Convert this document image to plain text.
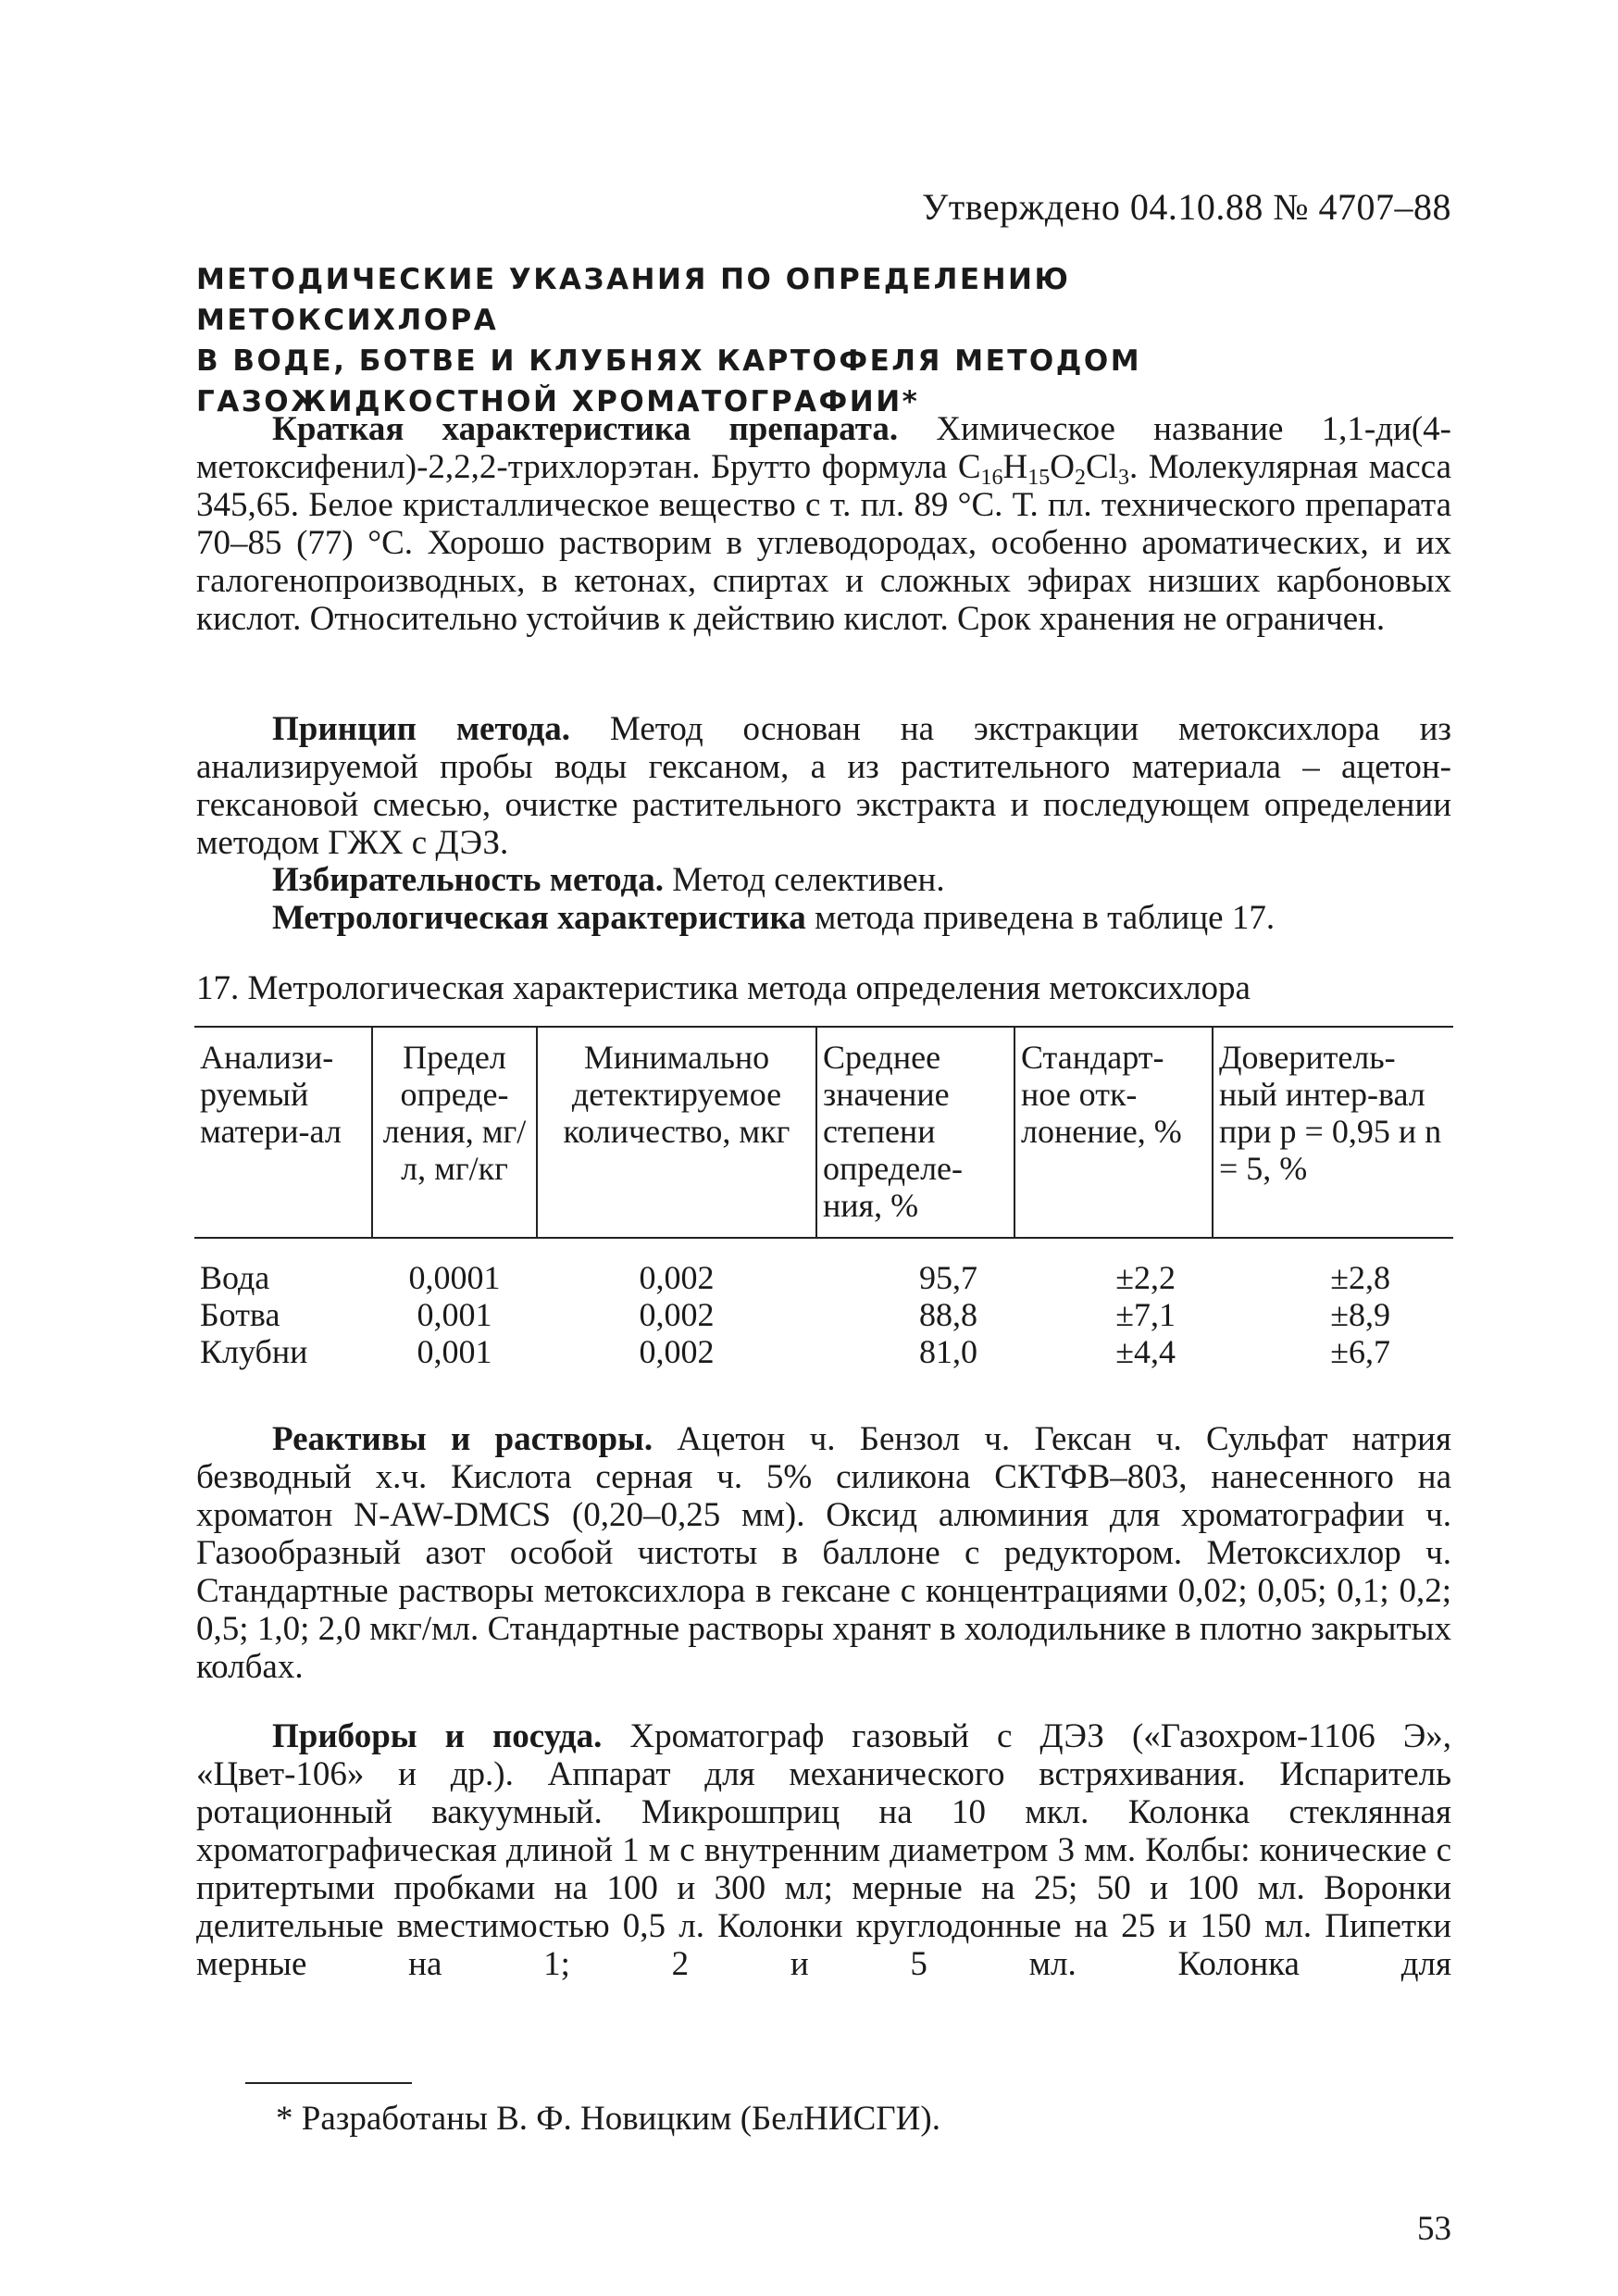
Утверждено 04.10.88 № 4707–88
МЕТОДИЧЕСКИЕ УКАЗАНИЯ ПО ОПРЕДЕЛЕНИЮ МЕТОКСИХЛОРА
В ВОДЕ, БОТВЕ И КЛУБНЯХ КАРТОФЕЛЯ МЕТОДОМ
ГАЗОЖИДКОСТНОЙ ХРОМАТОГРАФИИ*

Краткая характеристика препарата. Химическое название 1,1-ди(4-метоксифенил)-2,2,2-трихлорэтан. Брутто формула $C_{16}H_{15}O_2Cl_3$. Молекулярная масса 345,65. Белое кристаллическое вещество с т. пл. 89 °С. Т. пл. технического препарата 70–85 (77) °С. Хорошо растворим в углеводородах, особенно ароматических, и их галогенопроизводных, в кетонах, спиртах и сложных эфирах низших карбоновых кислот. Относительно устойчив к действию кислот. Срок хранения не ограничен.

Принцип метода. Метод основан на экстракции метоксихлора из анализируемой пробы воды гексаном, а из растительного материала – ацетон-гексановой смесью, очистке растительного экстракта и последующем определении методом ГЖХ с ДЭЗ.

Избирательность метода. Метод селективен.

Метрологическая характеристика метода приведена в таблице 17.

17. Метрологическая характеристика метода определения метоксихлора
Анализи-руемый матери-ал	Предел опреде-ления, мг/л, мг/кг	Минимально детектируемое количество, мкг	Среднее значение степени определе-ния, %	Стандарт-ное отк-лонение, %	Доверитель-ный интер-вал при p = 0,95 и n = 5, %
Вода	0,0001	0,002	95,7	±2,2	±2,8
Ботва	0,001	0,002	88,8	±7,1	±8,9
Клубни	0,001	0,002	81,0	±4,4	±6,7

Реактивы и растворы. Ацетон ч. Бензол ч. Гексан ч. Сульфат натрия безводный х.ч. Кислота серная ч. 5% силикона СКТФВ–803, нанесенного на хроматон N-AW-DMCS (0,20–0,25 мм). Оксид алюминия для хроматографии ч. Газообразный азот особой чистоты в баллоне с редуктором. Метоксихлор ч. Стандартные растворы метоксихлора в гексане с концентрациями 0,02; 0,05; 0,1; 0,2; 0,5; 1,0; 2,0 мкг/мл. Стандартные растворы хранят в холодильнике в плотно закрытых колбах.

Приборы и посуда. Хроматограф газовый с ДЭЗ («Газохром-1106 Э», «Цвет-106» и др.). Аппарат для механического встряхивания. Испаритель ротационный вакуумный. Микрошприц на 10 мкл. Колонка стеклянная хроматографическая длиной 1 м с внутренним диаметром 3 мм. Колбы: конические с притертыми пробками на 100 и 300 мл; мерные на 25; 50 и 100 мл. Воронки делительные вместимостью 0,5 л. Колонки круглодонные на 25 и 150 мл. Пипетки мерные на 1; 2 и 5 мл. Колонка для

* Разработаны В. Ф. Новицким (БелНИСГИ).
53
